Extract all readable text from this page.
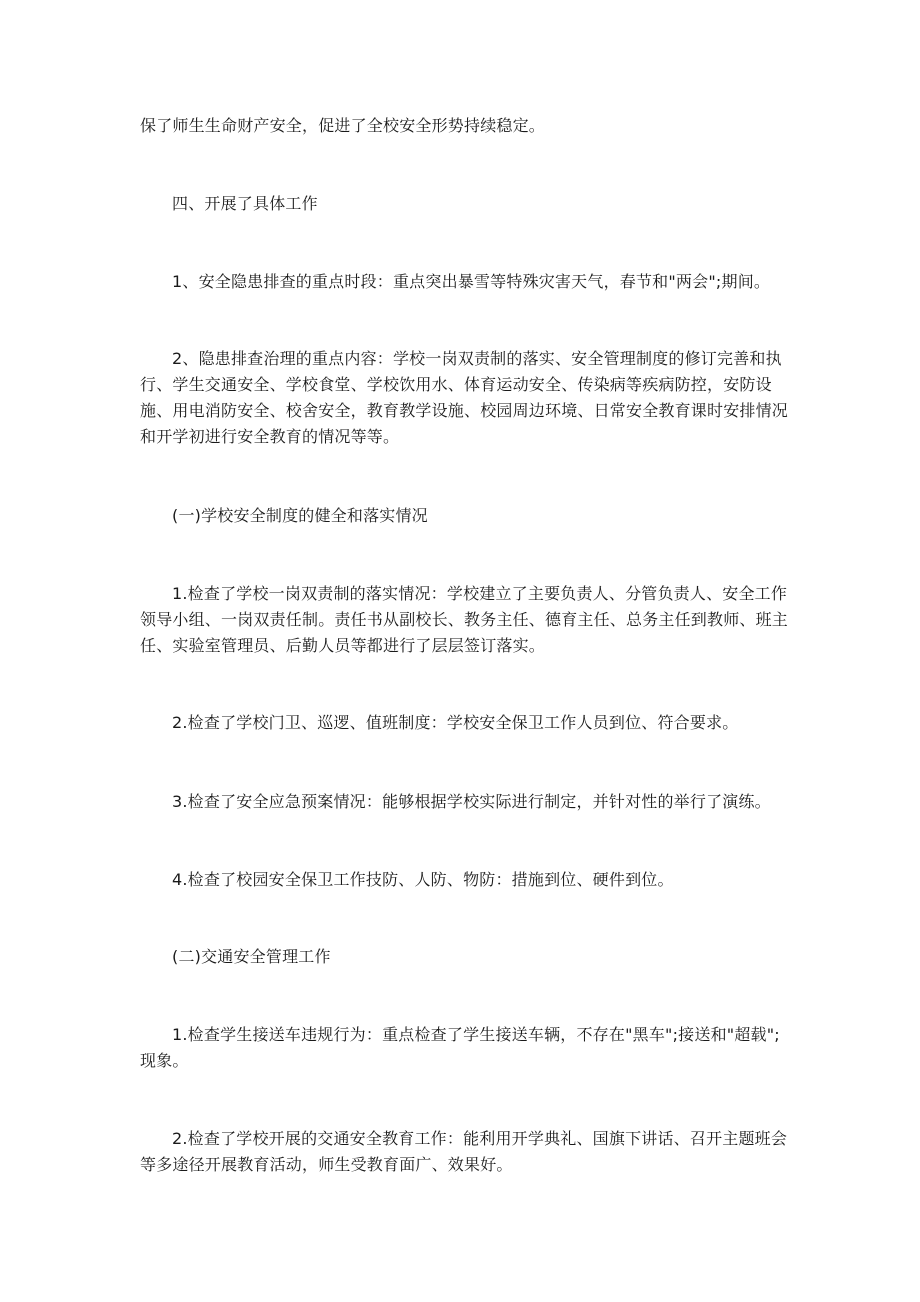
保了师生生命财产安全，促进了全校安全形势持续稳定。

四、开展了具体工作

1、安全隐患排查的重点时段：重点突出暴雪等特殊灾害天气，春节和"两会";期间。

2、隐患排查治理的重点内容：学校一岗双责制的落实、安全管理制度的修订完善和执行、学生交通安全、学校食堂、学校饮用水、体育运动安全、传染病等疾病防控，安防设施、用电消防安全、校舍安全，教育教学设施、校园周边环境、日常安全教育课时安排情况和开学初进行安全教育的情况等等。

(一)学校安全制度的健全和落实情况

1.检查了学校一岗双责制的落实情况：学校建立了主要负责人、分管负责人、安全工作领导小组、一岗双责任制。责任书从副校长、教务主任、德育主任、总务主任到教师、班主任、实验室管理员、后勤人员等都进行了层层签订落实。

2.检查了学校门卫、巡逻、值班制度：学校安全保卫工作人员到位、符合要求。

3.检查了安全应急预案情况：能够根据学校实际进行制定，并针对性的举行了演练。

4.检查了校园安全保卫工作技防、人防、物防：措施到位、硬件到位。

(二)交通安全管理工作

1.检查学生接送车违规行为：重点检查了学生接送车辆，不存在"黑车";接送和"超载";现象。

2.检查了学校开展的交通安全教育工作：能利用开学典礼、国旗下讲话、召开主题班会等多途径开展教育活动，师生受教育面广、效果好。
